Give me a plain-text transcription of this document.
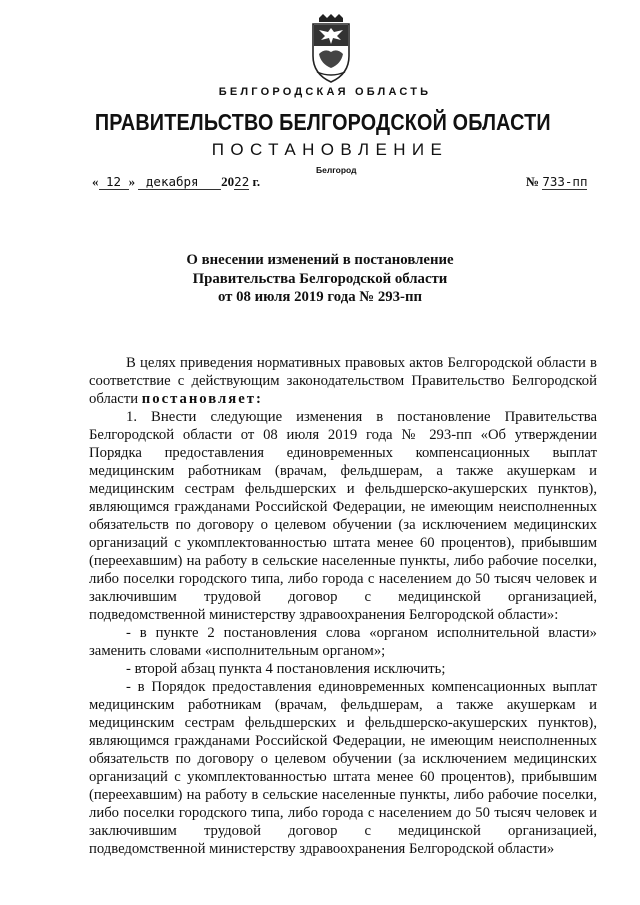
БЕЛГОРОДСКАЯ ОБЛАСТЬ
ПРАВИТЕЛЬСТВО БЕЛГОРОДСКОЙ ОБЛАСТИ
ПОСТАНОВЛЕНИЕ
Белгород
« 12 » декабря 2022 г.	№ 733-пп
О внесении изменений в постановление
Правительства Белгородской области
от 08 июля 2019 года № 293-пп

В целях приведения нормативных правовых актов Белгородской области в соответствие с действующим законодательством Правительство Белгородской области постановляет:

1. Внести следующие изменения в постановление Правительства Белгородской области от 08 июля 2019 года № 293-пп «Об утверждении Порядка предоставления единовременных компенсационных выплат медицинским работникам (врачам, фельдшерам, а также акушеркам и медицинским сестрам фельдшерских и фельдшерско-акушерских пунктов), являющимся гражданами Российской Федерации, не имеющим неисполненных обязательств по договору о целевом обучении (за исключением медицинских организаций с укомплектованностью штата менее 60 процентов), прибывшим (переехавшим) на работу в сельские населенные пункты, либо рабочие поселки, либо поселки городского типа, либо города с населением до 50 тысяч человек и заключившим трудовой договор с медицинской организацией, подведомственной министерству здравоохранения Белгородской области»:

- в пункте 2 постановления слова «органом исполнительной власти» заменить словами «исполнительным органом»;

- второй абзац пункта 4 постановления исключить;

- в Порядок предоставления единовременных компенсационных выплат медицинским работникам (врачам, фельдшерам, а также акушеркам и медицинским сестрам фельдшерских и фельдшерско-акушерских пунктов), являющимся гражданами Российской Федерации, не имеющим неисполненных обязательств по договору о целевом обучении (за исключением медицинских организаций с укомплектованностью штата менее 60 процентов), прибывшим (переехавшим) на работу в сельские населенные пункты, либо рабочие поселки, либо поселки городского типа, либо города с населением до 50 тысяч человек и заключившим трудовой договор с медицинской организацией, подведомственной министерству здравоохранения Белгородской области»
